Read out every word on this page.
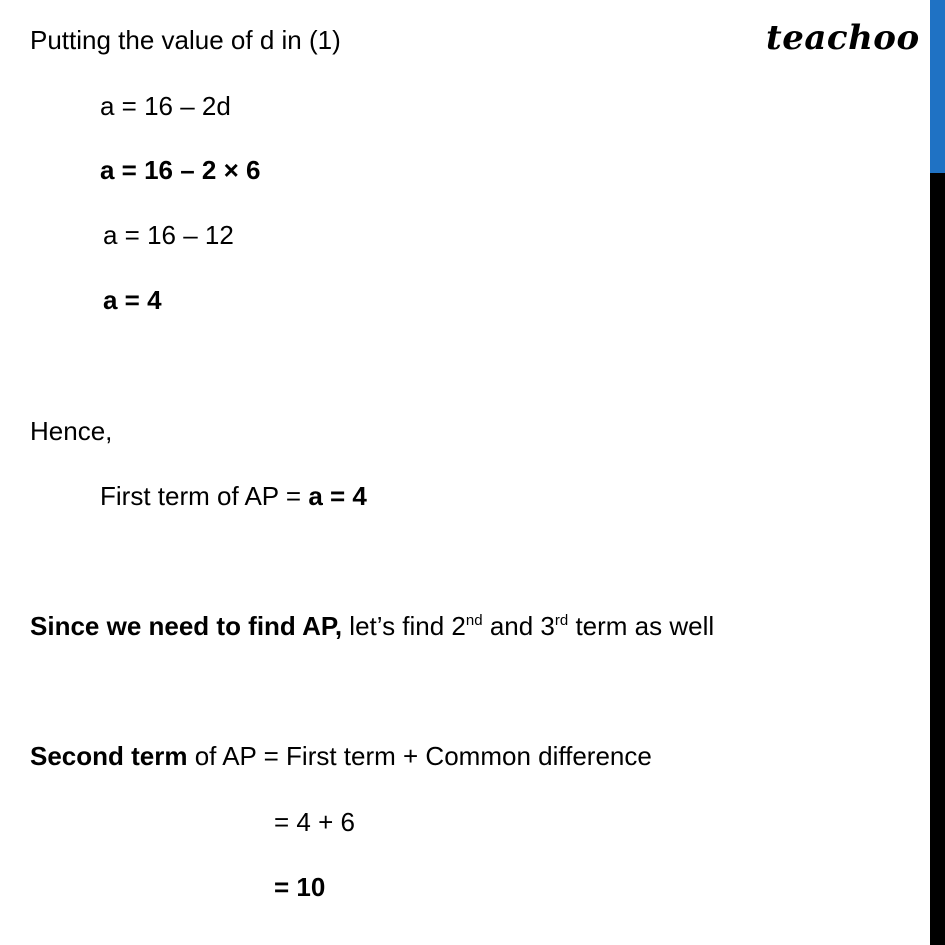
teachoo
Putting the value of d in (1)
a = 16 – 2d
a = 16 – 2 × 6
a = 16 – 12
a = 4
Hence,
First term of AP = a = 4
Since we need to find AP, let’s find 2nd and 3rd term as well
Second term of AP = First term + Common difference
= 4 + 6
= 10
